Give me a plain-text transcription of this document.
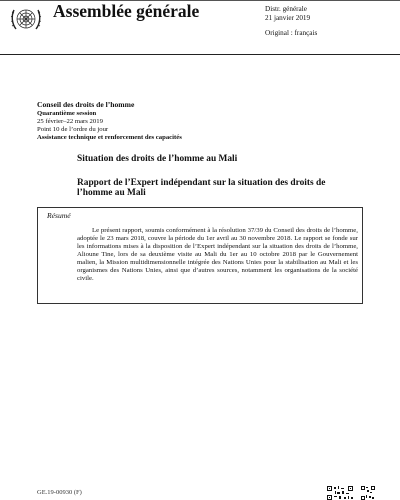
Assemblée générale	Distr. générale
21 janvier 2019
Original : français
Conseil des droits de l’homme
Quarantième session
25 février–22 mars 2019
Point 10 de l’ordre du jour
Assistance technique et renforcement des capacités
Situation des droits de l’homme au Mali
Rapport de l’Expert indépendant sur la situation des droits de l’homme au Mali
Résumé
Le présent rapport, soumis conformément à la résolution 37/39 du Conseil des droits de l’homme, adoptée le 23 mars 2018, couvre la période du 1er avril au 30 novembre 2018. Le rapport se fonde sur les informations mises à la disposition de l’Expert indépendant sur la situation des droits de l’homme, Alioune Tine, lors de sa deuxième visite au Mali du 1er au 10 octobre 2018 par le Gouvernement malien, la Mission multidimensionnelle intégrée des Nations Unies pour la stabilisation au Mali et les organismes des Nations Unies, ainsi que d’autres sources, notamment les organisations de la société civile.
GE.19-00930 (F)
